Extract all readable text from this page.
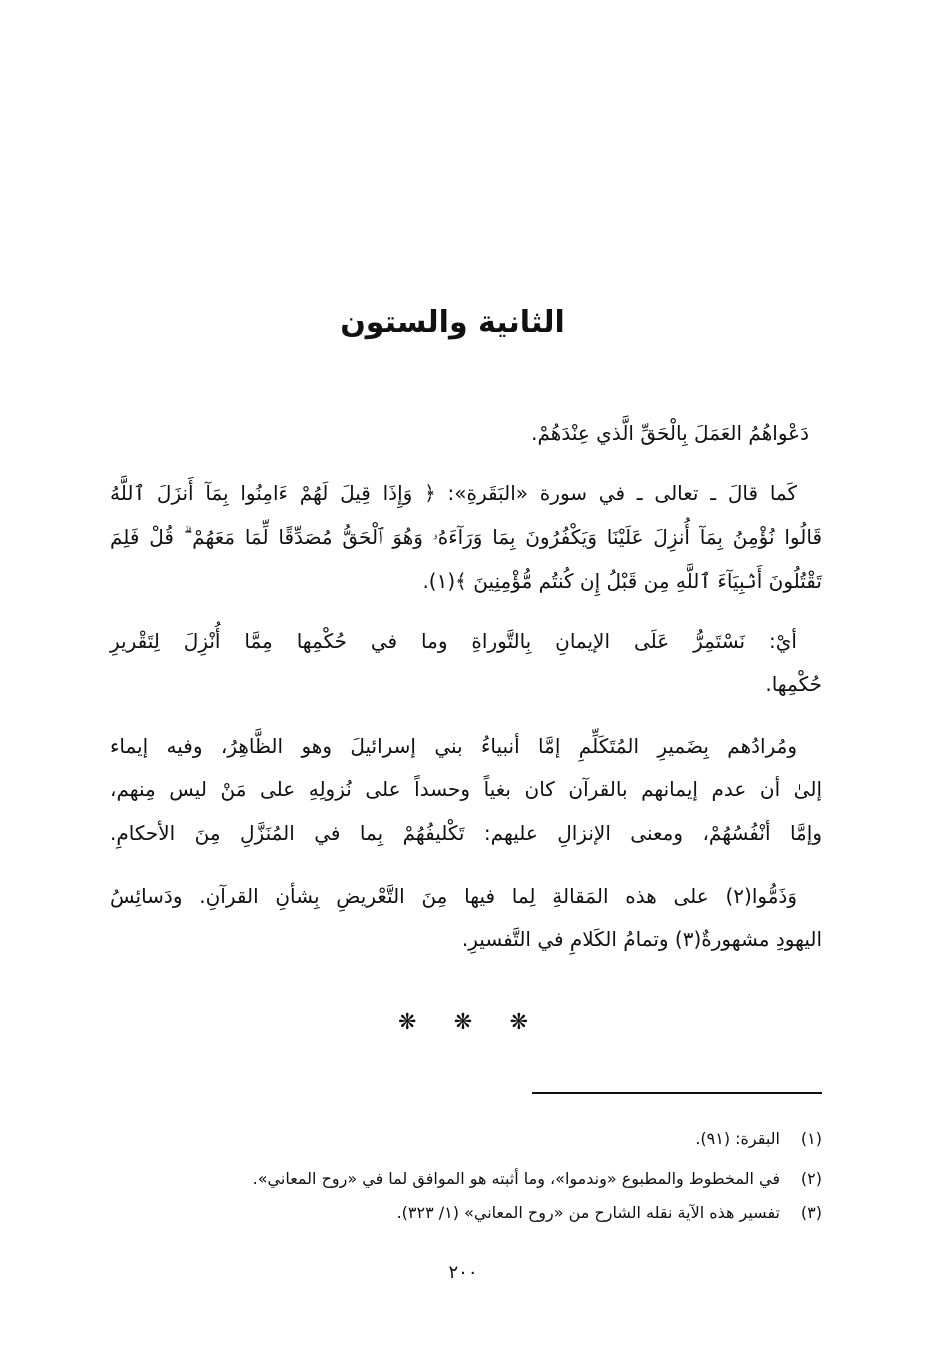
الثانية والستون
دَعْواهُمُ العَمَلَ بِالْحَقِّ الَّذي عِنْدَهُمْ.
كَما قالَ ـ تعالى ـ في سورة «البَقَرةِ»: ﴿ وَإِذَا قِيلَ لَهُمْ ءَامِنُوا بِمَآ أَنزَلَ ٱللَّهُ
قَالُوا نُؤْمِنُ بِمَآ أُنزِلَ عَلَيْنَا وَيَكْفُرُونَ بِمَا وَرَآءَهُۥ وَهُوَ ٱلْحَقُّ مُصَدِّقًا لِّمَا مَعَهُمْ ۗ قُلْ فَلِمَ
تَقْتُلُونَ أَنۢبِيَآءَ ٱللَّهِ مِن قَبْلُ إِن كُنتُم مُّؤْمِنِينَ ﴾(١).
أيْ: نَسْتَمِرُّ عَلَى الإيمانِ بِالتَّوراةِ وما في حُكْمِها مِمَّا أُنْزِلَ لِتَقْريرِ
حُكْمِها.
ومُرادُهم بِضَميرِ المُتَكَلِّمِ إمَّا أنبياءُ بني إسرائيلَ وهو الظَّاهِرُ، وفيه إيماء
إلىٰ أن عدم إيمانهم بالقرآن كان بغياً وحسداً على نُزولِهِ على مَنْ ليس مِنهم،
وإمَّا أنْفُسُهُمْ، ومعنى الإنزالِ عليهم: تَكْليفُهُمْ بِما في المُنَزَّلِ مِنَ الأحكامِ.
وَذَمُّوا(٢) على هذه المَقالةِ لِما فيها مِنَ التَّعْريضِ بِشأنِ القرآنِ. ودَسائِسُ
اليهودِ مشهورةٌ(٣) وتمامُ الكَلامِ في التَّفسيرِ.
❋ ❋ ❋
(١)البقرة: (٩١).
(٢)في المخطوط والمطبوع «وندموا»، وما أثبته هو الموافق لما في «روح المعاني».
(٣)تفسير هذه الآية نقله الشارح من «روح المعاني» (١/ ٣٢٣).
٢٠٠
